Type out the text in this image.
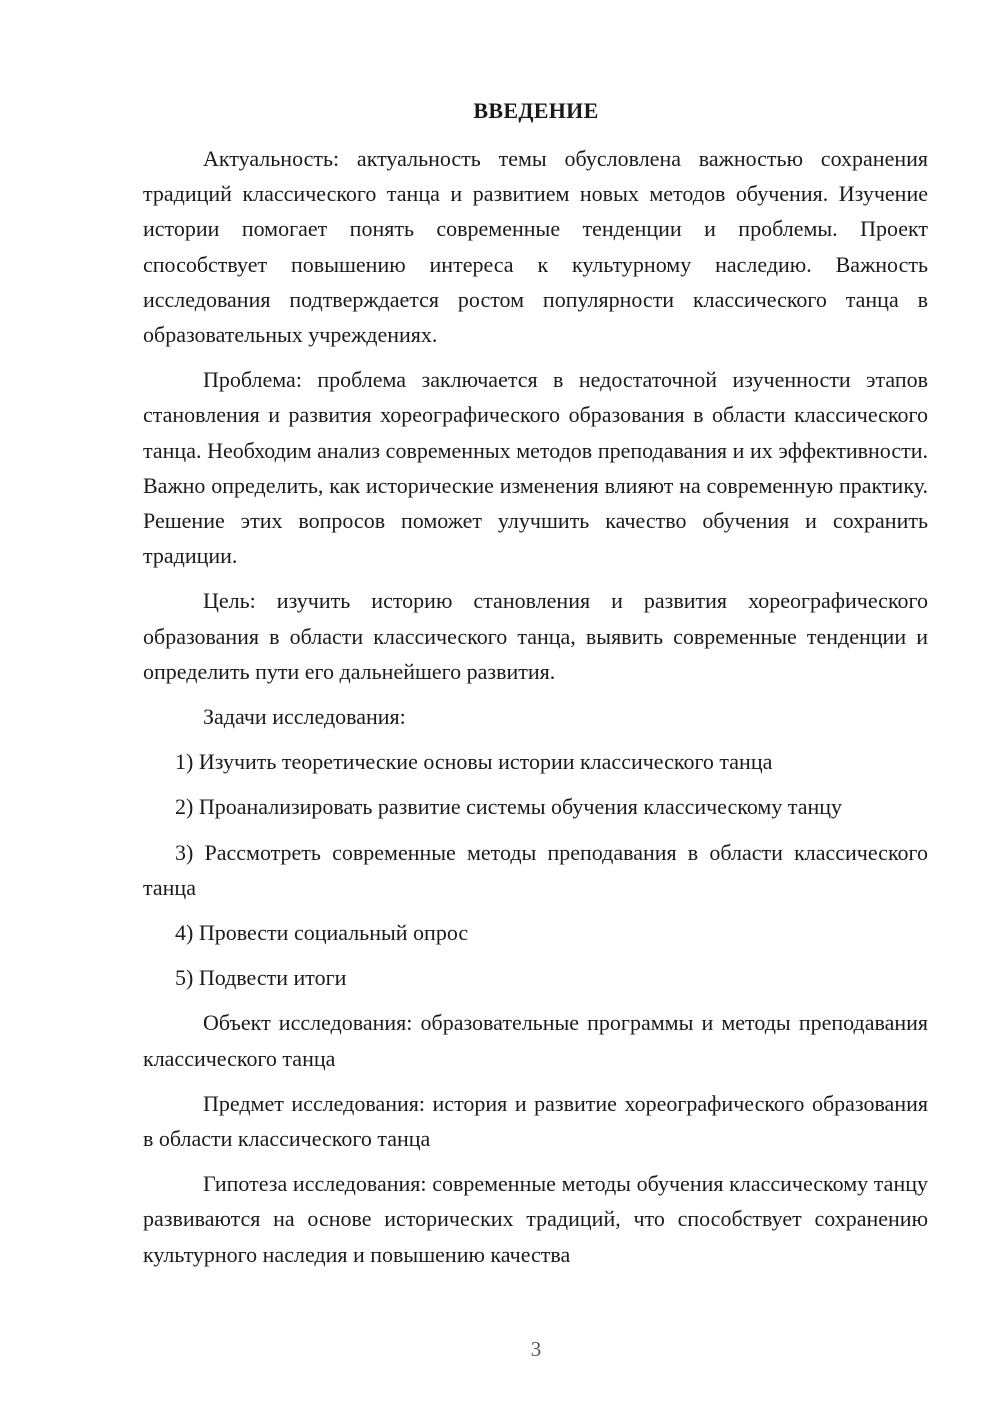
ВВЕДЕНИЕ

Актуальность: актуальность темы обусловлена важностью сохранения традиций классического танца и развитием новых методов обучения. Изучение истории помогает понять современные тенденции и проблемы. Проект способствует повышению интереса к культурному наследию. Важность исследования подтверждается ростом популярности классического танца в образовательных учреждениях.

Проблема: проблема заключается в недостаточной изученности этапов становления и развития хореографического образования в области классического танца. Необходим анализ современных методов преподавания и их эффективности. Важно определить, как исторические изменения влияют на современную практику. Решение этих вопросов поможет улучшить качество обучения и сохранить традиции.

Цель: изучить историю становления и развития хореографического образования в области классического танца, выявить современные тенденции и определить пути его дальнейшего развития.

Задачи исследования:

1) Изучить теоретические основы истории классического танца

2) Проанализировать развитие системы обучения классическому танцу

3) Рассмотреть современные методы преподавания в области классического танца

4) Провести социальный опрос

5) Подвести итоги

Объект исследования: образовательные программы и методы преподавания классического танца

Предмет исследования: история и развитие хореографического образования в области классического танца

Гипотеза исследования: современные методы обучения классическому танцу развиваются на основе исторических традиций, что способствует сохранению культурного наследия и повышению качества

3
